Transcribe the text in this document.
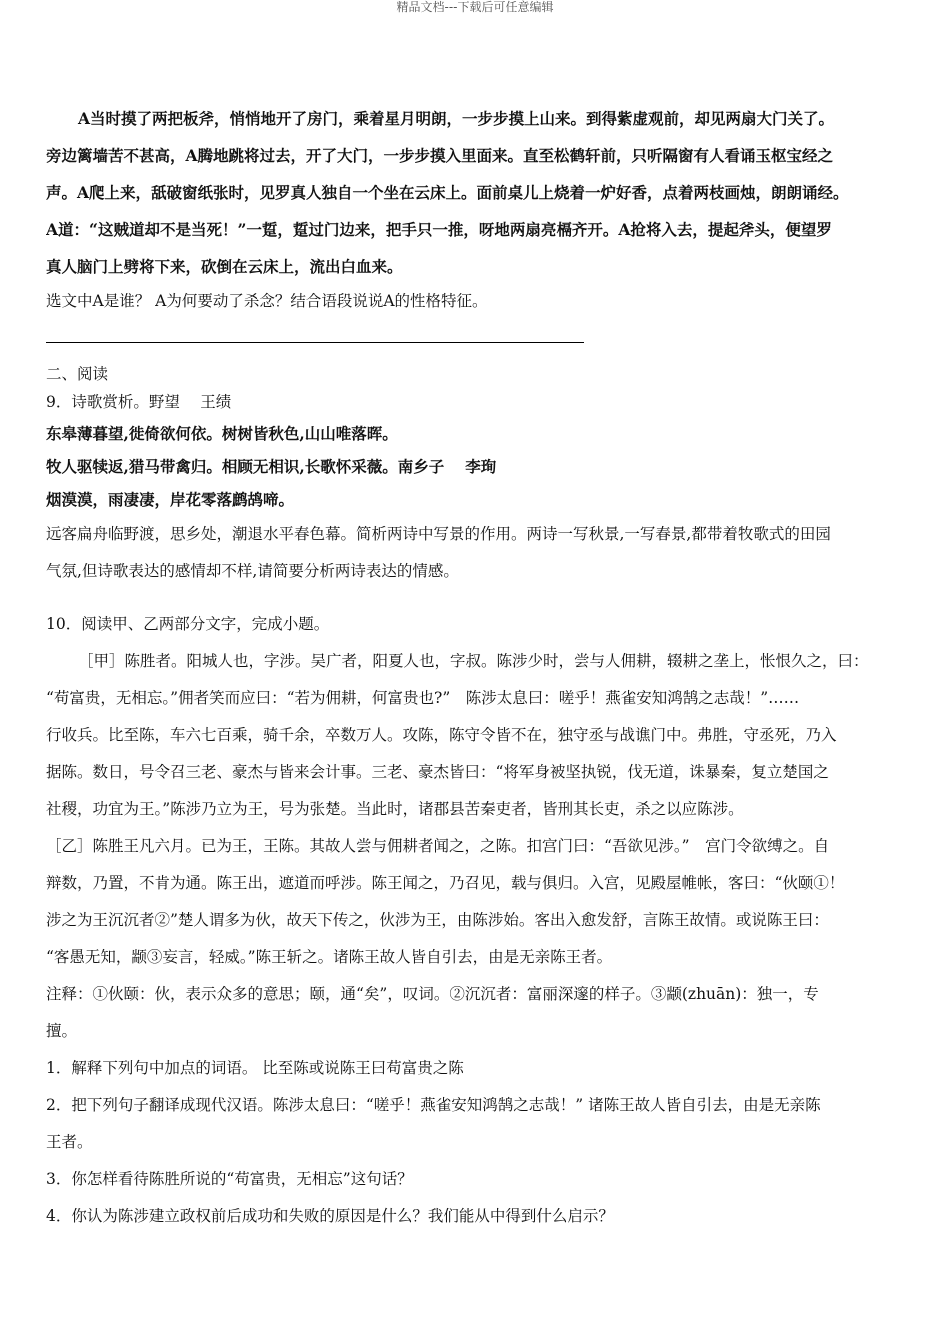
精品文档---下载后可任意编辑

A当时摸了两把板斧，悄悄地开了房门，乘着星月明朗，一步步摸上山来。到得紫虚观前，却见两扇大门关了。

旁边篱墙苦不甚高，A腾地跳将过去，开了大门，一步步摸入里面来。直至松鹤轩前，只听隔窗有人看诵玉枢宝经之

声。A爬上来，舐破窗纸张时，见罗真人独自一个坐在云床上。面前桌儿上烧着一炉好香，点着两枝画烛，朗朗诵经。

A道：“这贼道却不是当死！”一踅，踅过门边来，把手只一推，呀地两扇亮槅齐开。A抢将入去，提起斧头，便望罗

真人脑门上劈将下来，砍倒在云床上，流出白血来。

选文中A是谁？ A为何要动了杀念？结合语段说说A的性格特征。

二、阅读

9．诗歌赏析。野望　 王绩

东皋薄暮望,徙倚欲何依。树树皆秋色,山山唯落晖。

牧人驱犊返,猎马带禽归。相顾无相识,长歌怀采薇。南乡子　 李珣

烟漠漠，雨凄凄，岸花零落鹧鸪啼。

远客扁舟临野渡，思乡处，潮退水平春色幕。简析两诗中写景的作用。两诗一写秋景,一写春景,都带着牧歌式的田园

气氛,但诗歌表达的感情却不样,请简要分析两诗表达的情感。

10．阅读甲、乙两部分文字，完成小题。

［甲］陈胜者。阳城人也，字涉。吴广者，阳夏人也，字叔。陈涉少时，尝与人佣耕，辍耕之垄上，怅恨久之，曰：

“苟富贵，无相忘。”佣者笑而应曰：“若为佣耕，何富贵也?”　陈涉太息曰：嗟乎！燕雀安知鸿鹄之志哉！”……

行收兵。比至陈，车六七百乘，骑千余，卒数万人。攻陈，陈守令皆不在，独守丞与战谯门中。弗胜，守丞死，乃入

据陈。数日，号令召三老、豪杰与皆来会计事。三老、豪杰皆曰：“将军身被坚执锐，伐无道，诛暴秦，复立楚国之

社稷，功宜为王。”陈涉乃立为王，号为张楚。当此时，诸郡县苦秦吏者，皆刑其长吏，杀之以应陈涉。

［乙］陈胜王凡六月。已为王，王陈。其故人尝与佣耕者闻之，之陈。扣宫门曰：“吾欲见涉。”　宫门令欲缚之。自

辩数，乃置，不肯为通。陈王出，遮道而呼涉。陈王闻之，乃召见，载与俱归。入宫，见殿屋帷帐，客曰：“伙颐①！

涉之为王沉沉者②”楚人谓多为伙，故天下传之，伙涉为王，由陈涉始。客出入愈发舒，言陈王故情。或说陈王曰：

“客愚无知，颛③妄言，轻威。”陈王斩之。诸陈王故人皆自引去，由是无亲陈王者。

注释：①伙颐：伙，表示众多的意思；颐，通“矣”，叹词。②沉沉者：富丽深邃的样子。③颛(zhuān)：独一，专

擅。

1．解释下列句中加点的词语。 比至陈或说陈王曰苟富贵之陈

2．把下列句子翻译成现代汉语。陈涉太息曰：“嗟乎！燕雀安知鸿鹄之志哉！” 诸陈王故人皆自引去，由是无亲陈

王者。

3．你怎样看待陈胜所说的“苟富贵，无相忘”这句话？

4．你认为陈涉建立政权前后成功和失败的原因是什么？我们能从中得到什么启示？
